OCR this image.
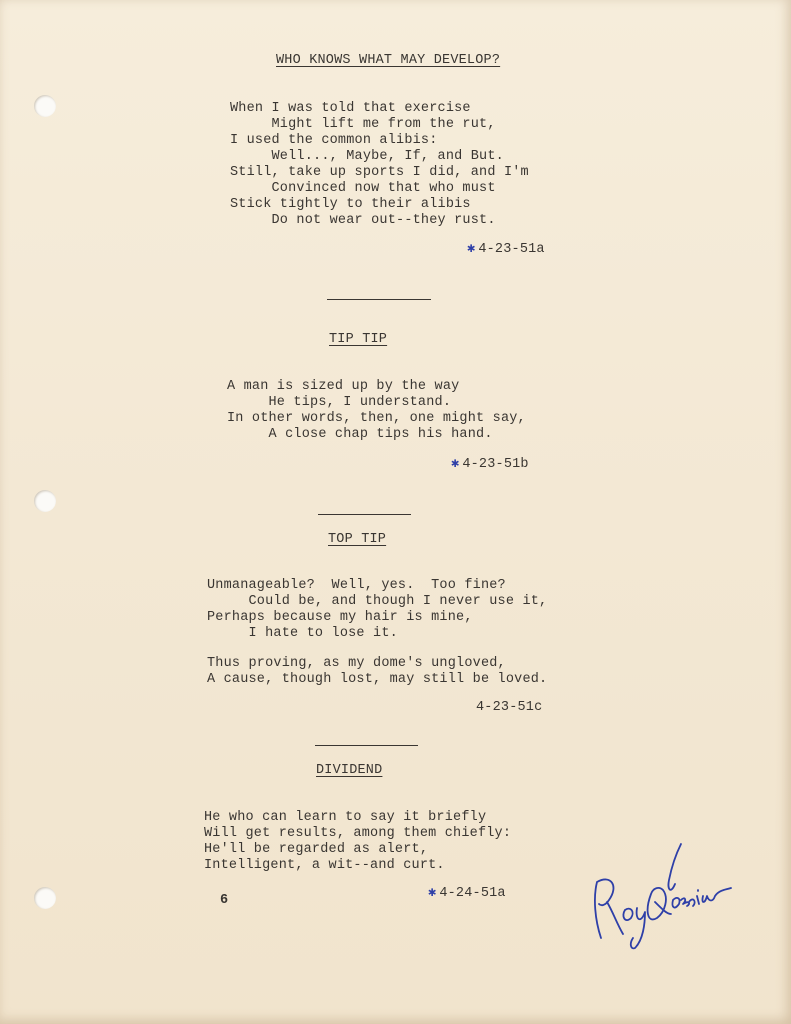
WHO KNOWS WHAT MAY DEVELOP?
When I was told that exercise
Might lift me from the rut,
I used the common alibis:
Well..., Maybe, If, and But.
Still, take up sports I did, and I'm
Convinced now that who must
Stick tightly to their alibis
Do not wear out--they rust.
✱ 4-23-51a
TIP TIP
A man is sized up by the way
He tips, I understand.
In other words, then, one might say,
A close chap tips his hand.
✱ 4-23-51b
TOP TIP
Unmanageable?  Well, yes.  Too fine?
Could be, and though I never use it,
Perhaps because my hair is mine,
I hate to lose it.
Thus proving, as my dome's ungloved,
A cause, though lost, may still be loved.
4-23-51c
DIVIDEND
He who can learn to say it briefly
Will get results, among them chiefly:
He'll be regarded as alert,
Intelligent, a wit--and curt.
✱ 4-24-51a
6
